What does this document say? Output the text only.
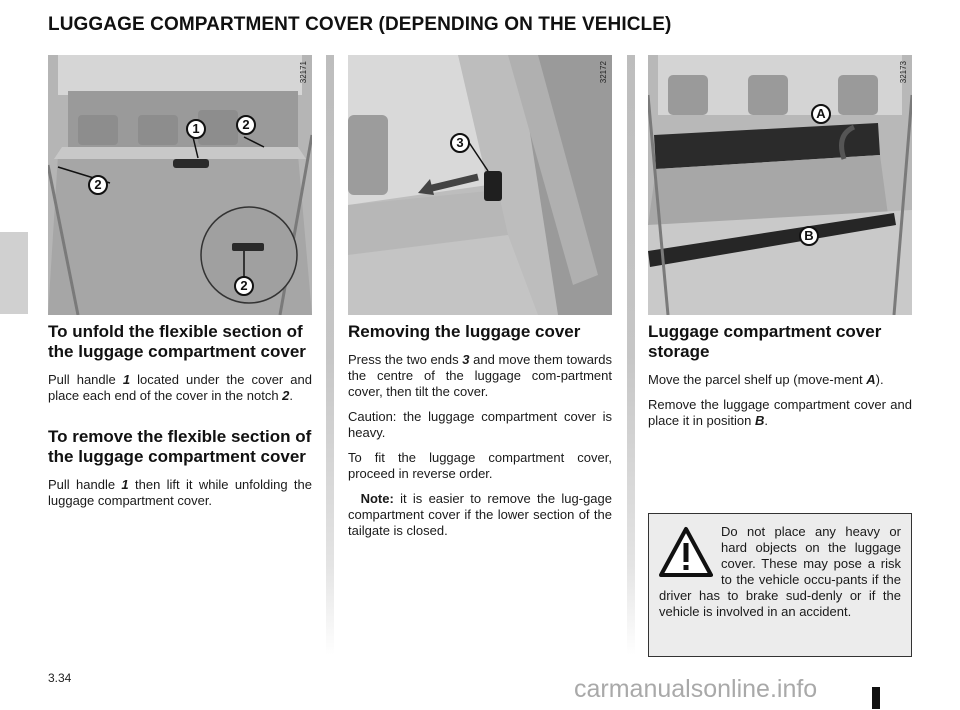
LUGGAGE COMPARTMENT COVER (DEPENDING ON THE VEHICLE)
32171
1	2
2
2
32172
3
32173
A
B
To unfold the flexible section of the luggage compartment cover

Pull handle 1 located under the cover and place each end of the cover in the notch 2.

To remove the flexible section of the luggage compartment cover

Pull handle 1 then lift it while unfolding the luggage compartment cover.

Removing the luggage cover

Press the two ends 3 and move them towards the centre of the luggage com-partment cover, then tilt the cover.

Caution: the luggage compartment cover is heavy.

To fit the luggage compartment cover, proceed in reverse order.

Note: it is easier to remove the lug-gage compartment cover if the lower section of the tailgate is closed.

Luggage compartment cover storage

Move the parcel shelf up (move-ment A).

Remove the luggage compartment cover and place it in position B.

Do not place any heavy or hard objects on the luggage cover. These may pose a risk to the vehicle occu-pants if the driver has to brake sud-denly or if the vehicle is involved in an accident.

3.34	carmanualsonline.info
